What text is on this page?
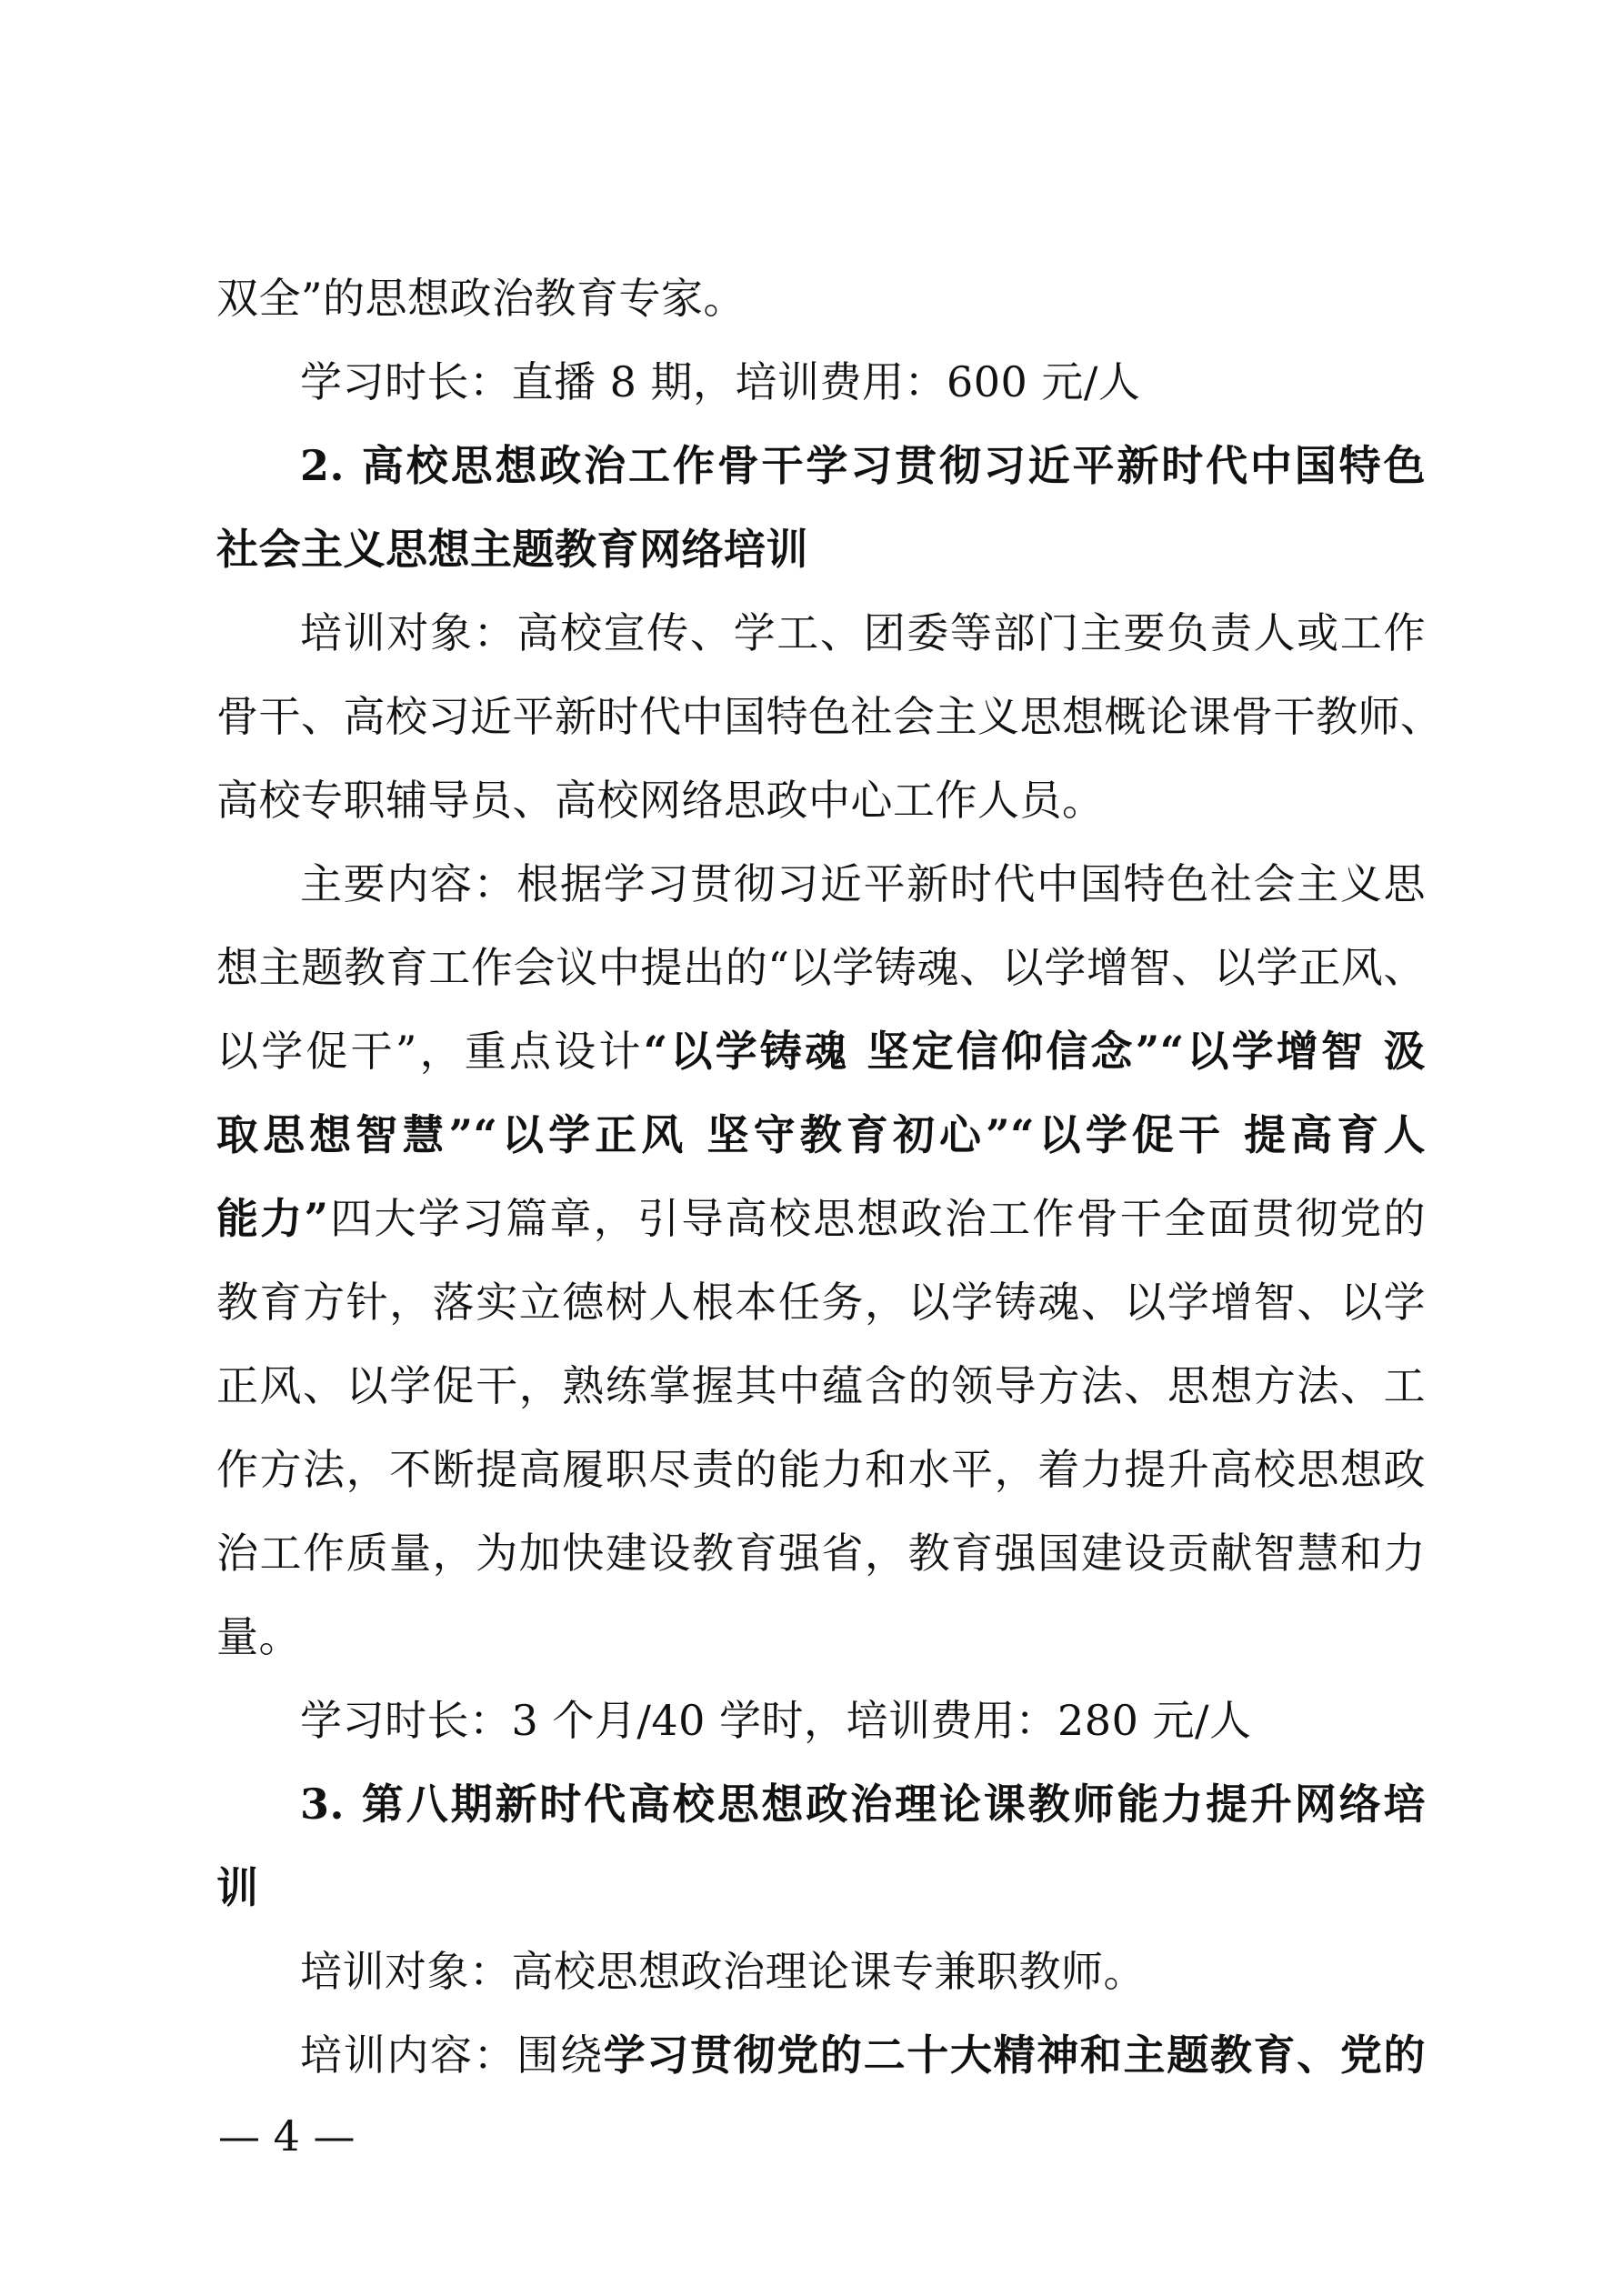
双全”的思想政治教育专家。
学习时长：直播 8 期，培训费用：600 元/人
2. 高校思想政治工作骨干学习贯彻习近平新时代中国特色
社会主义思想主题教育网络培训
培训对象：高校宣传、学工、团委等部门主要负责人或工作
骨干、高校习近平新时代中国特色社会主义思想概论课骨干教师、
高校专职辅导员、高校网络思政中心工作人员。
主要内容：根据学习贯彻习近平新时代中国特色社会主义思
想主题教育工作会议中提出的“以学铸魂、以学增智、以学正风、
以学促干”，重点设计“以学铸魂 坚定信仰信念”“以学增智 汲
取思想智慧”“以学正风 坚守教育初心”“以学促干 提高育人
能力”四大学习篇章，引导高校思想政治工作骨干全面贯彻党的
教育方针，落实立德树人根本任务，以学铸魂、以学增智、以学
正风、以学促干，熟练掌握其中蕴含的领导方法、思想方法、工
作方法，不断提高履职尽责的能力和水平，着力提升高校思想政
治工作质量，为加快建设教育强省，教育强国建设贡献智慧和力
量。
学习时长：3 个月/40 学时，培训费用：280 元/人
3. 第八期新时代高校思想政治理论课教师能力提升网络培
训
培训对象：高校思想政治理论课专兼职教师。
培训内容：围绕学习贯彻党的二十大精神和主题教育、党的
— 4 —
